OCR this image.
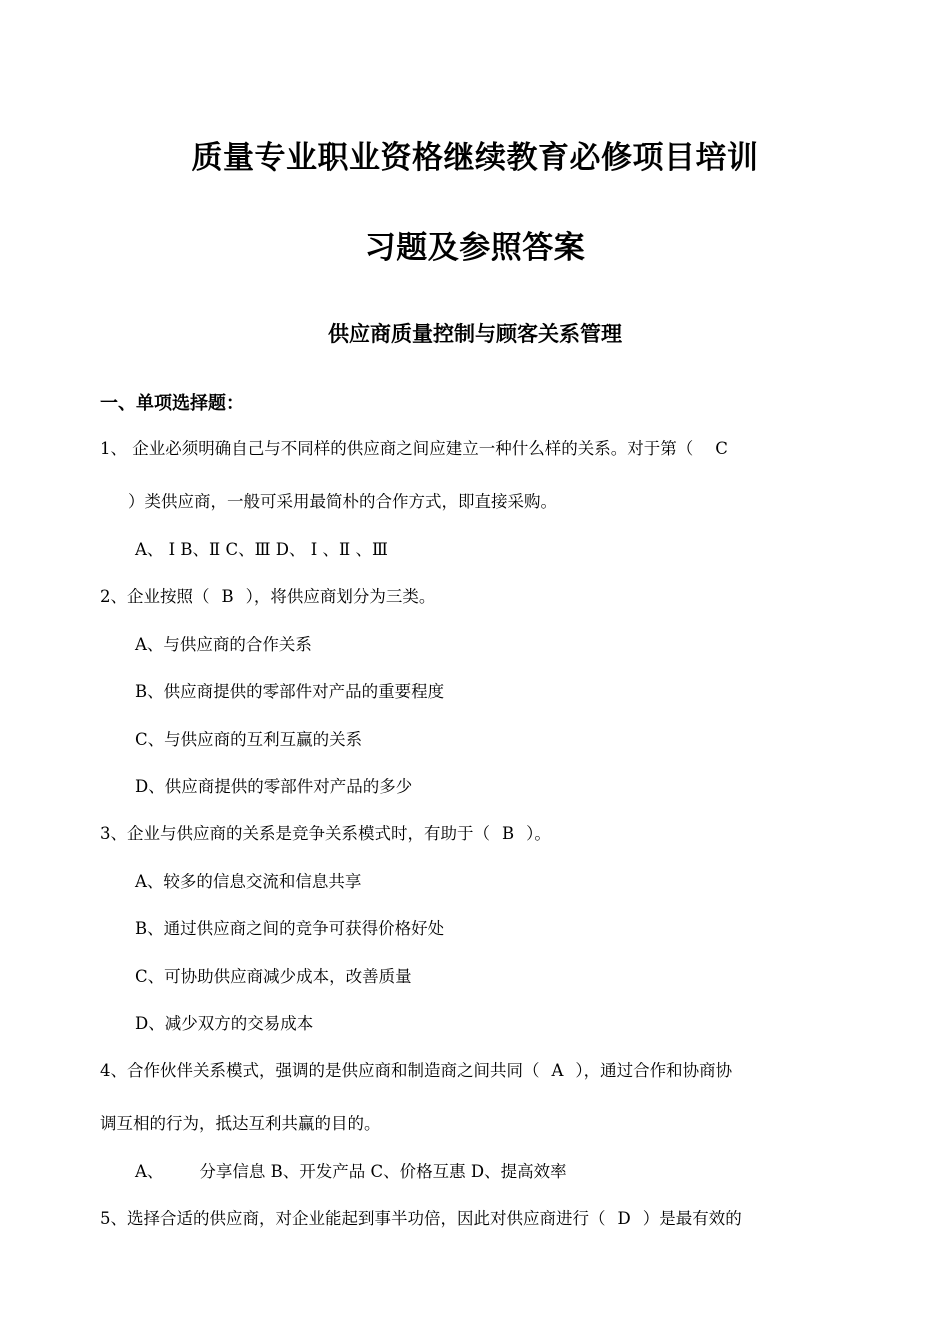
质量专业职业资格继续教育必修项目培训
习题及参照答案
供应商质量控制与顾客关系管理
一、单项选择题：
1、 企业必须明确自己与不同样的供应商之间应建立一种什么样的关系。对于第（ C
）类供应商，一般可采用最简朴的合作方式，即直接采购。
A、 Ⅰ B、Ⅱ C、Ⅲ D、 Ⅰ 、Ⅱ 、Ⅲ
2、企业按照（ B ），将供应商划分为三类。
A、与供应商的合作关系
B、供应商提供的零部件对产品的重要程度
C、与供应商的互利互赢的关系
D、供应商提供的零部件对产品的多少
3、企业与供应商的关系是竞争关系模式时，有助于（ B ）。
A、较多的信息交流和信息共享
B、通过供应商之间的竞争可获得价格好处
C、可协助供应商减少成本，改善质量
D、减少双方的交易成本
4、合作伙伴关系模式，强调的是供应商和制造商之间共同（ A ），通过合作和协商协
调互相的行为，抵达互利共赢的目的。
A、 分享信息 B、开发产品 C、价格互惠 D、提高效率
5、选择合适的供应商，对企业能起到事半功倍，因此对供应商进行（ D ）是最有效的
